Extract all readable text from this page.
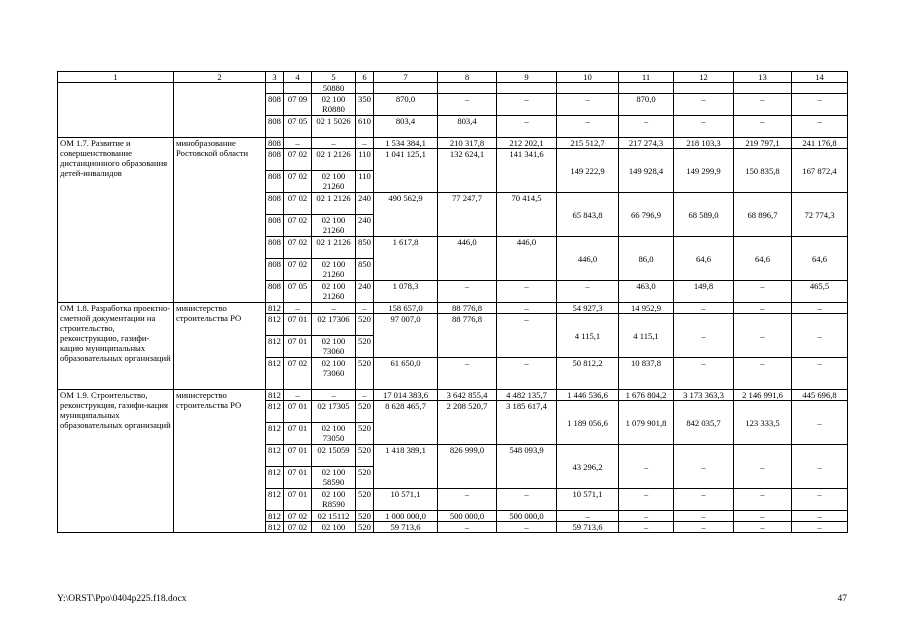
1	2	3	4	5	6	7	8	9	10	11	12	13	14
				50880									
		808	07 09	02 100 R0880	350	870,0	–	–	–	870,0	–	–	–
		808	07 05	02 1 5026	610	803,4	803,4	–	–	–	–	–	–
ОМ 1.7. Развитие и совершенствование дистанционного образования детей-инвалидов	минобразование Ростовской области	808	–	–	–	1 534 384,1	210 317,8	212 202,1	215 512,7	217 274,3	218 103,3	219 797,1	241 176,8
		808	07 02	02 1 2126	110	1 041 125,1	132 624,1	141 341,6	149 222,9	149 928,4	149 299,9	150 835,8	167 872,4
		808	07 02	02 100 21260	110								
		808	07 02	02 1 2126	240	490 562,9	77 247,7	70 414,5	65 843,8	66 796,9	68 589,0	68 896,7	72 774,3
		808	07 02	02 100 21260	240								
		808	07 02	02 1 2126	850	1 617,8	446,0	446,0	446,0	86,0	64,6	64,6	64,6
		808	07 02	02 100 21260	850								
		808	07 05	02 100 21260	240	1 078,3	–	–	–	463,0	149,8	–	465,5

ОМ 1.8. Разработка проектно-сметной документации на строительство, реконструкцию, газифи-кацию муниципальных образовательных организаций	министерство строительства РО	812	–	–	–	158 657,0	88 776,8	–	54 927,3	14 952,9	–	–	–
		812	07 01	02 17306	520	97 007,0	88 776,8	–	4 115,1	4 115,1	–	–	–
		812	07 01	02 100 73060	520								
		812	07 02	02 100 73060	520	61 650,0	–	–	50 812,2	10 837,8	–	–	–
ОМ 1.9. Строительство, реконструкция, газифи-кация муниципальных образовательных организаций	министерство строительства РО	812	–	–	–	17 014 383,6	3 642 855,4	4 482 135,7	1 446 536,6	1 676 804,2	3 173 363,3	2 146 991,6	445 696,8
		812	07 01	02 17305	520	8 628 465,7	2 208 520,7	3 185 617,4	1 189 056,6	1 079 901,8	842 035,7	123 333,5	–
		812	07 01	02 100 73050	520								
		812	07 01	02 15059	520	1 418 389,1	826 999,0	548 093,9	43 296,2	–	–	–	–
		812	07 01	02 100 58590	520								
		812	07 01	02 100 R8590	520	10 571,1	–	–	10 571,1	–	–	–	–
		812	07 02	02 15112	520	1 000 000,0	500 000,0	500 000,0	–	–	–	–	–
		812	07 02	02 100	520	59 713,6	–	–	59 713,6	–	–	–	–
Y:\ORST\Ppo\0404p225.f18.docx	47
